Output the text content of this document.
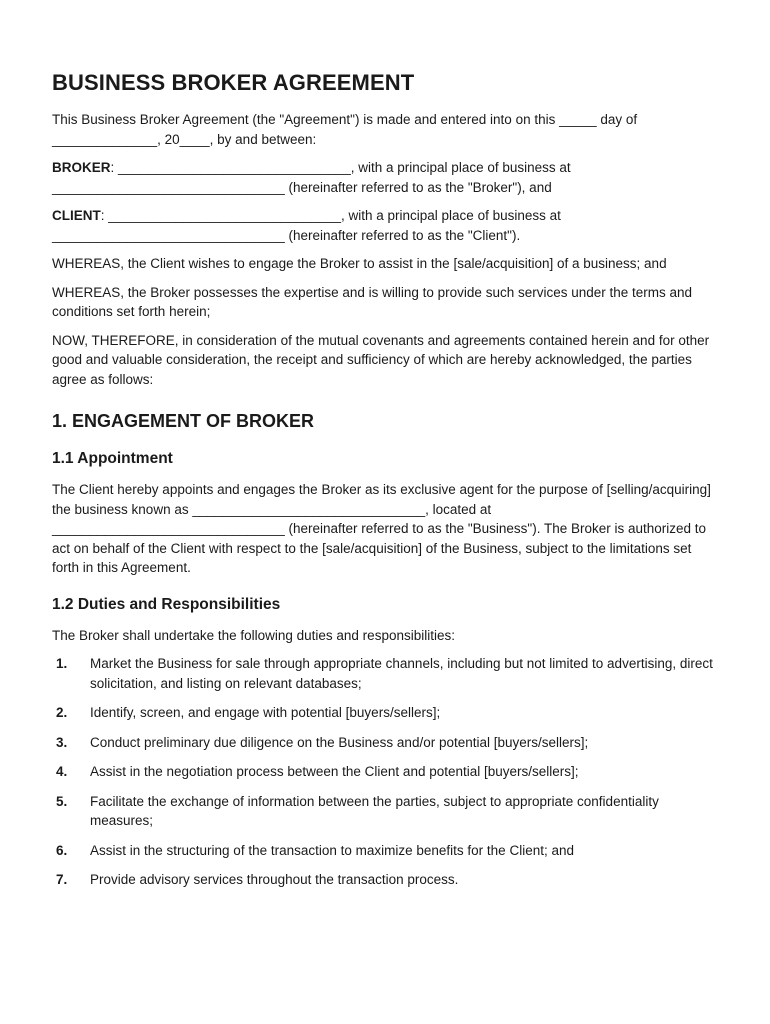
BUSINESS BROKER AGREEMENT

This Business Broker Agreement (the "Agreement") is made and entered into on this _____ day of ______________, 20____, by and between:

BROKER: _______________________________, with a principal place of business at _______________________________ (hereinafter referred to as the "Broker"), and

CLIENT: _______________________________, with a principal place of business at _______________________________ (hereinafter referred to as the "Client").

WHEREAS, the Client wishes to engage the Broker to assist in the [sale/acquisition] of a business; and

WHEREAS, the Broker possesses the expertise and is willing to provide such services under the terms and conditions set forth herein;

NOW, THEREFORE, in consideration of the mutual covenants and agreements contained herein and for other good and valuable consideration, the receipt and sufficiency of which are hereby acknowledged, the parties agree as follows:

1. ENGAGEMENT OF BROKER
1.1 Appointment

The Client hereby appoints and engages the Broker as its exclusive agent for the purpose of [selling/acquiring] the business known as _______________________________, located at _______________________________ (hereinafter referred to as the "Business"). The Broker is authorized to act on behalf of the Client with respect to the [sale/acquisition] of the Business, subject to the limitations set forth in this Agreement.

1.2 Duties and Responsibilities

The Broker shall undertake the following duties and responsibilities:

1.	Market the Business for sale through appropriate channels, including but not limited to advertising, direct solicitation, and listing on relevant databases;
2.	Identify, screen, and engage with potential [buyers/sellers];
3.	Conduct preliminary due diligence on the Business and/or potential [buyers/sellers];
4.	Assist in the negotiation process between the Client and potential [buyers/sellers];
5.	Facilitate the exchange of information between the parties, subject to appropriate confidentiality measures;
6.	Assist in the structuring of the transaction to maximize benefits for the Client; and
7.	Provide advisory services throughout the transaction process.
